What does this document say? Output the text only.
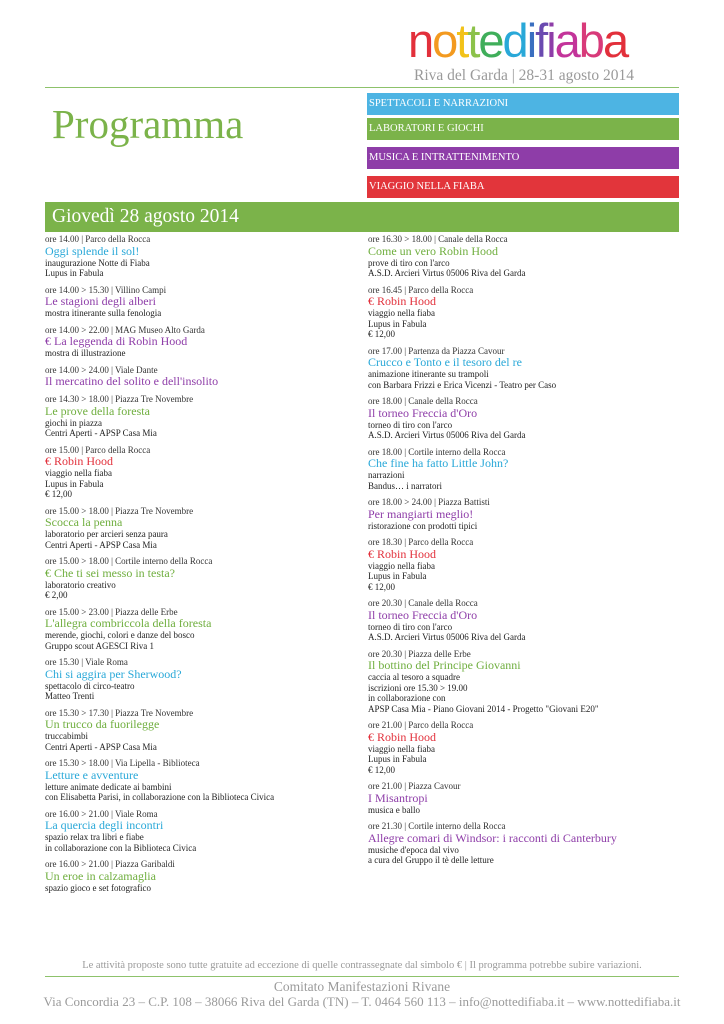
nottedifiaba
Riva del Garda | 28-31 agosto 2014
Programma	SPETTACOLI E NARRAZIONI
LABORATORI E GIOCHI
MUSICA E INTRATTENIMENTO
VIAGGIO NELLA FIABA
Giovedì 28 agosto 2014
ore 14.00 | Parco della Rocca
Oggi splende il sol!
inaugurazione Notte di Fiaba
Lupus in Fabula
ore 14.00 > 15.30 | Villino Campi
Le stagioni degli alberi
mostra itinerante sulla fenologia
ore 14.00 > 22.00 | MAG Museo Alto Garda
€ La leggenda di Robin Hood
mostra di illustrazione
ore 14.00 > 24.00 | Viale Dante
Il mercatino del solito e dell'insolito
ore 14.30 > 18.00 | Piazza Tre Novembre
Le prove della foresta
giochi in piazza
Centri Aperti - APSP Casa Mia
ore 15.00 | Parco della Rocca
€ Robin Hood
viaggio nella fiaba
Lupus in Fabula
€ 12,00
ore 15.00 > 18.00 | Piazza Tre Novembre
Scocca la penna
laboratorio per arcieri senza paura
Centri Aperti - APSP Casa Mia
ore 15.00 > 18.00 | Cortile interno della Rocca
€ Che ti sei messo in testa?
laboratorio creativo
€ 2,00
ore 15.00 > 23.00 | Piazza delle Erbe
L'allegra combriccola della foresta
merende, giochi, colori e danze del bosco
Gruppo scout AGESCI Riva 1
ore 15.30 | Viale Roma
Chi si aggira per Sherwood?
spettacolo di circo-teatro
Matteo Trenti
ore 15.30 > 17.30 | Piazza Tre Novembre
Un trucco da fuorilegge
truccabimbi
Centri Aperti - APSP Casa Mia
ore 15.30 > 18.00 | Via Lipella - Biblioteca
Letture e avventure
letture animate dedicate ai bambini
con Elisabetta Parisi, in collaborazione con la Biblioteca Civica
ore 16.00 > 21.00 | Viale Roma
La quercia degli incontri
spazio relax tra libri e fiabe
in collaborazione con la Biblioteca Civica
ore 16.00 > 21.00 | Piazza Garibaldi
Un eroe in calzamaglia
spazio gioco e set fotografico
ore 16.30 > 18.00 | Canale della Rocca
Come un vero Robin Hood
prove di tiro con l'arco
A.S.D. Arcieri Virtus 05006 Riva del Garda
ore 16.45 | Parco della Rocca
€ Robin Hood
viaggio nella fiaba
Lupus in Fabula
€ 12,00
ore 17.00 | Partenza da Piazza Cavour
Crucco e Tonto e il tesoro del re
animazione itinerante su trampoli
con Barbara Frizzi e Erica Vicenzi - Teatro per Caso
ore 18.00 | Canale della Rocca
Il torneo Freccia d'Oro
torneo di tiro con l'arco
A.S.D. Arcieri Virtus 05006 Riva del Garda
ore 18.00 | Cortile interno della Rocca
Che fine ha fatto Little John?
narrazioni
Bandus… i narratori
ore 18.00 > 24.00 | Piazza Battisti
Per mangiarti meglio!
ristorazione con prodotti tipici
ore 18.30 | Parco della Rocca
€ Robin Hood
viaggio nella fiaba
Lupus in Fabula
€ 12,00
ore 20.30 | Canale della Rocca
Il torneo Freccia d'Oro
torneo di tiro con l'arco
A.S.D. Arcieri Virtus 05006 Riva del Garda
ore 20.30 | Piazza delle Erbe
Il bottino del Principe Giovanni
caccia al tesoro a squadre
iscrizioni ore 15.30 > 19.00
in collaborazione con
APSP Casa Mia - Piano Giovani 2014 - Progetto "Giovani E20"
ore 21.00 | Parco della Rocca
€ Robin Hood
viaggio nella fiaba
Lupus in Fabula
€ 12,00
ore 21.00 | Piazza Cavour
I Misantropi
musica e ballo
ore 21.30 | Cortile interno della Rocca
Allegre comari di Windsor: i racconti di Canterbury
musiche d'epoca dal vivo
a cura del Gruppo il tè delle letture
Le attività proposte sono tutte gratuite ad eccezione di quelle contrassegnate dal simbolo € | Il programma potrebbe subire variazioni.
Comitato Manifestazioni Rivane
Via Concordia 23 – C.P. 108 – 38066 Riva del Garda (TN) – T. 0464 560 113 – info@nottedifiaba.it – www.nottedifiaba.it
